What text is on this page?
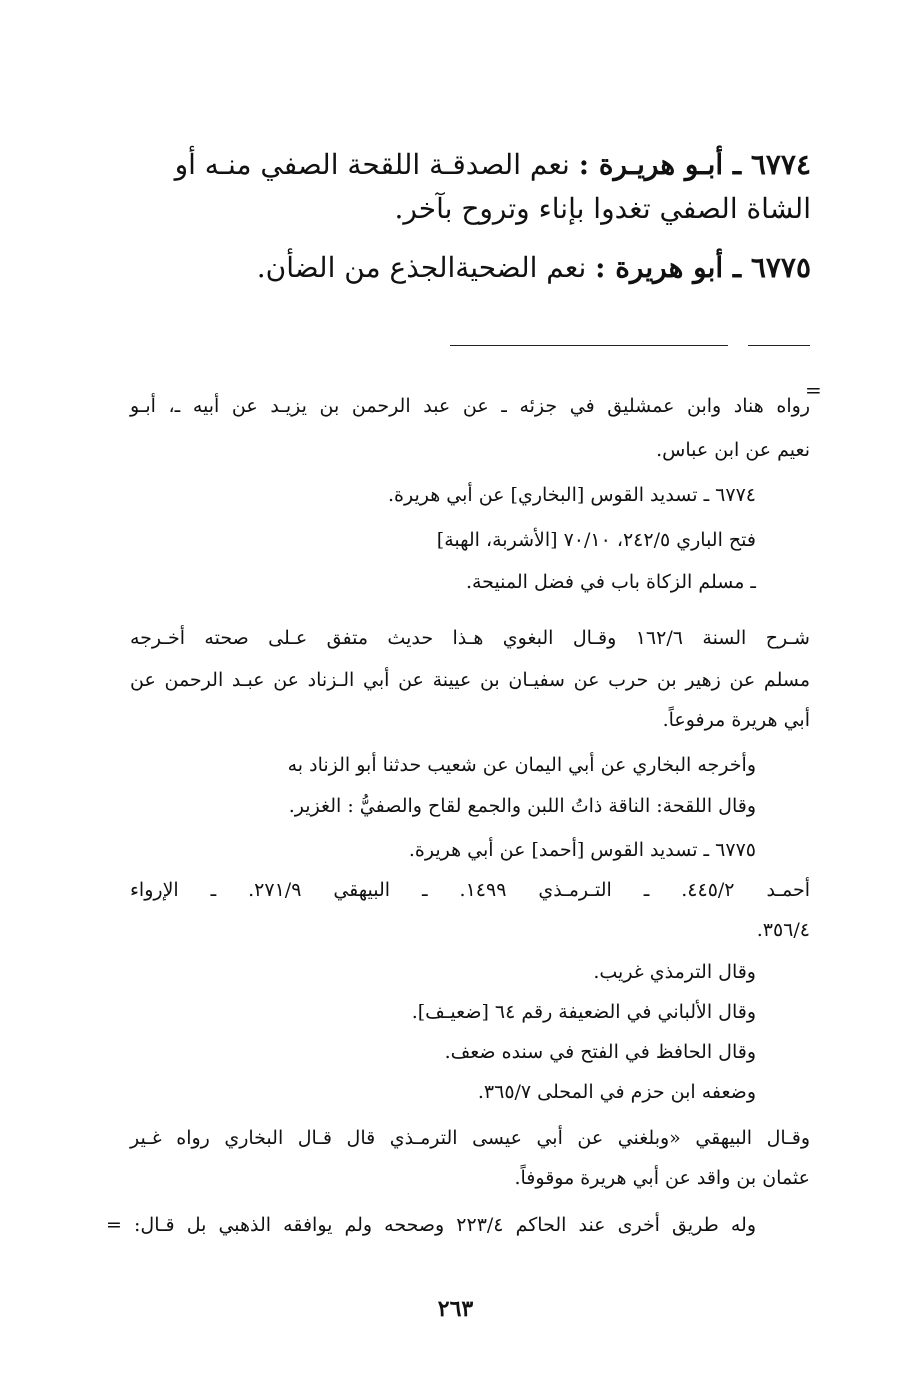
٦٧٧٤ ـ أبـو هريـرة : نعم الصدقـة اللقحة الصفي منـه أو
الشاة الصفي تغدوا بإناء وتروح بآخر.
٦٧٧٥ ـ أبو هريرة : نعم الضحيةالجذع من الضأن.
=
رواه هناد وابن عمشليق في جزئه ـ عن عبد الرحمن بن يزيـد عن أبيه ـ، أبـو
نعيم عن ابن عباس.
٦٧٧٤ ـ تسديد القوس [البخاري] عن أبي هريرة.
فتح الباري ٢٤٢/٥، ٧٠/١٠ [الأشربة، الهبة]
ـ مسلم الزكاة باب في فضل المنيحة.
شـرح السنة ١٦٢/٦ وقـال البغوي هـذا حديث متفق عـلى صحته أخـرجه
مسلم عن زهير بن حرب عن سفيـان بن عيينة عن أبي الـزناد عن عبـد الرحمن عن
أبي هريرة مرفوعاً.
وأخرجه البخاري عن أبي اليمان عن شعيب حدثنا أبو الزناد به
وقال اللقحة: الناقة ذاتُ اللبن والجمع لقاح والصفيُّ : الغزير.
٦٧٧٥ ـ تسديد القوس [أحمد] عن أبي هريرة.
أحمـد ٤٤٥/٢. ـ التـرمـذي ١٤٩٩. ـ البيهقي ٢٧١/٩. ـ الإرواء
٣٥٦/٤.
وقال الترمذي غريب.
وقال الألباني في الضعيفة رقم ٦٤ [ضعيـف].
وقال الحافظ في الفتح في سنده ضعف.
وضعفه ابن حزم في المحلى ٣٦٥/٧.
وقـال البيهقي «وبلغني عن أبي عيسى الترمـذي قال قـال البخاري رواه غـير
عثمان بن واقد عن أبي هريرة موقوفاً.
وله طريق أخرى عند الحاكم ٢٢٣/٤ وصححه ولم يوافقه الذهبي بل قـال: =
٢٦٣
